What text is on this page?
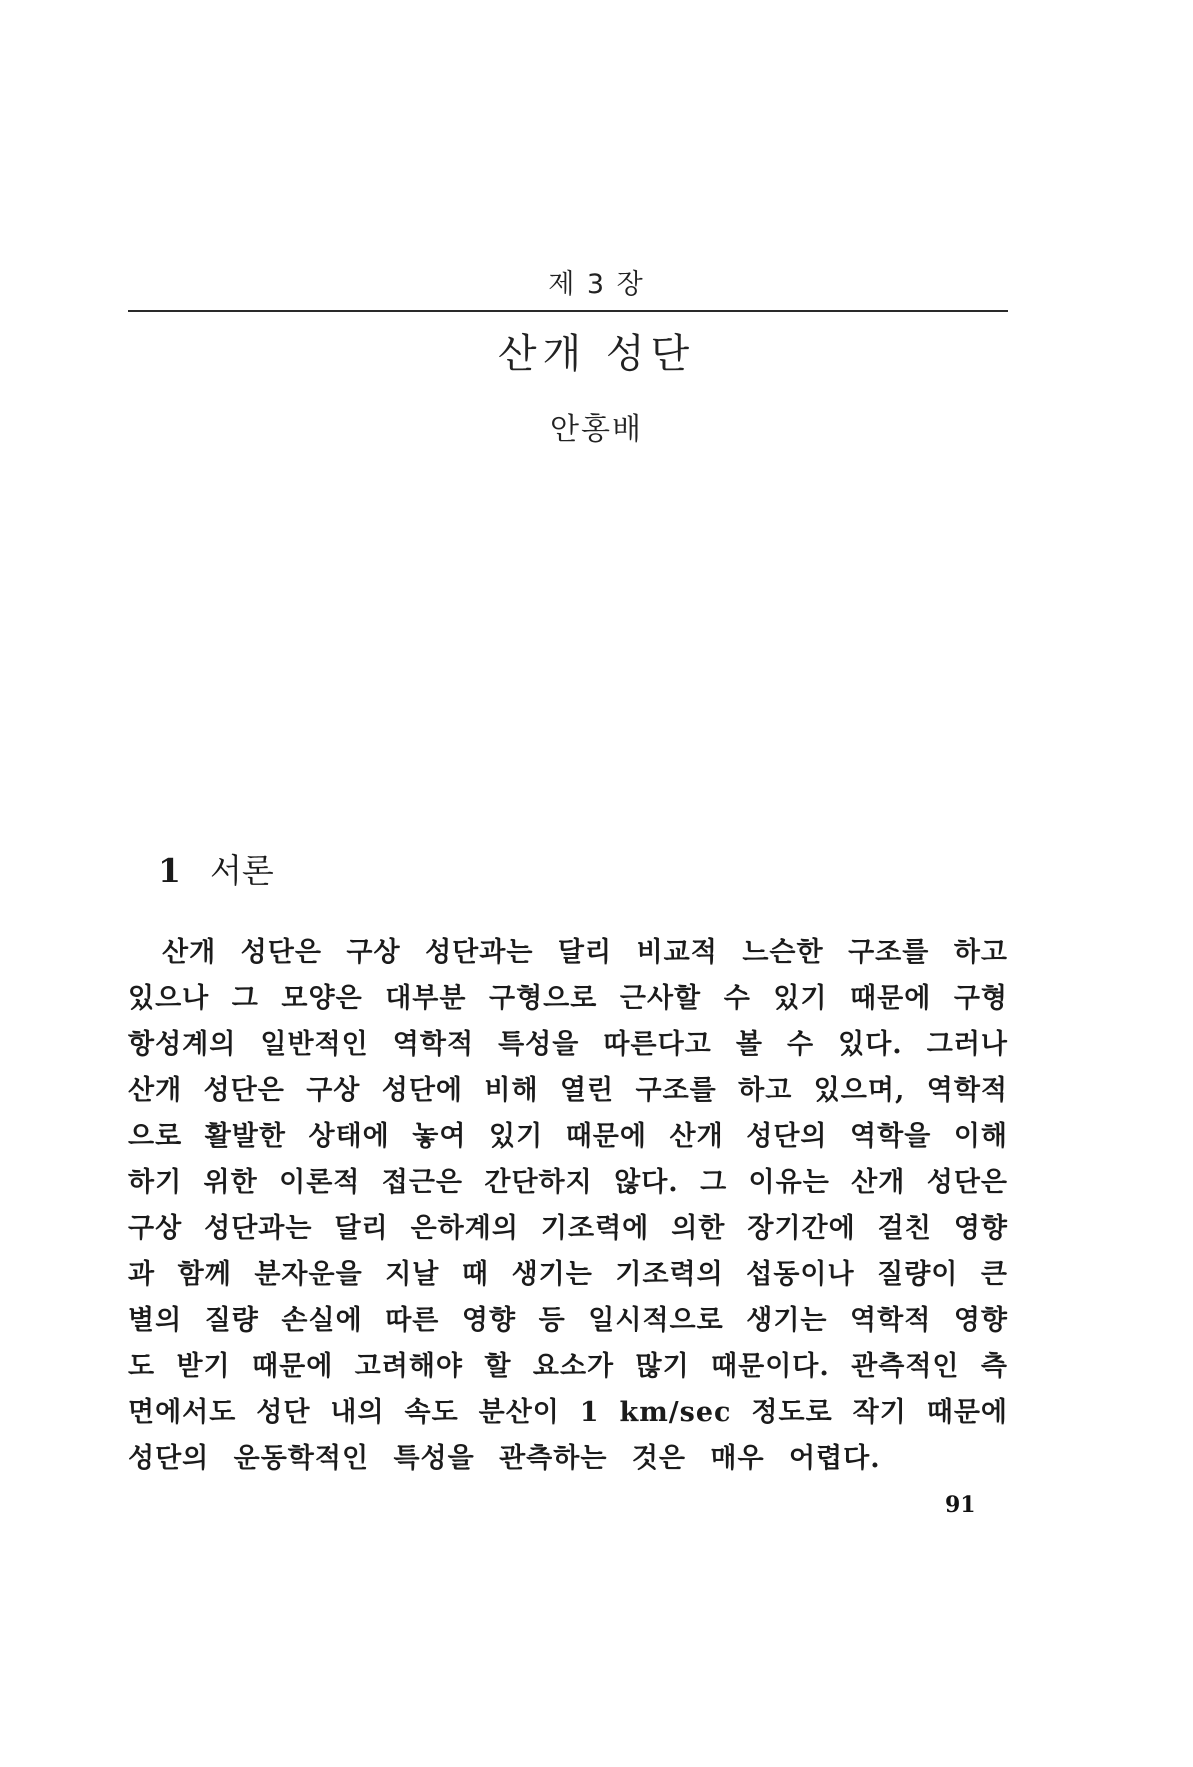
제 3 장
산개 성단
안홍배
1 서론
산개 성단은 구상 성단과는 달리 비교적 느슨한 구조를 하고
있으나 그 모양은 대부분 구형으로 근사할 수 있기 때문에 구형
항성계의 일반적인 역학적 특성을 따른다고 볼 수 있다. 그러나
산개 성단은 구상 성단에 비해 열린 구조를 하고 있으며, 역학적
으로 활발한 상태에 놓여 있기 때문에 산개 성단의 역학을 이해
하기 위한 이론적 접근은 간단하지 않다. 그 이유는 산개 성단은
구상 성단과는 달리 은하계의 기조력에 의한 장기간에 걸친 영향
과 함께 분자운을 지날 때 생기는 기조력의 섭동이나 질량이 큰
별의 질량 손실에 따른 영향 등 일시적으로 생기는 역학적 영향
도 받기 때문에 고려해야 할 요소가 많기 때문이다. 관측적인 측
면에서도 성단 내의 속도 분산이 1 km/sec 정도로 작기 때문에
성단의 운동학적인 특성을 관측하는 것은 매우 어렵다.
91
